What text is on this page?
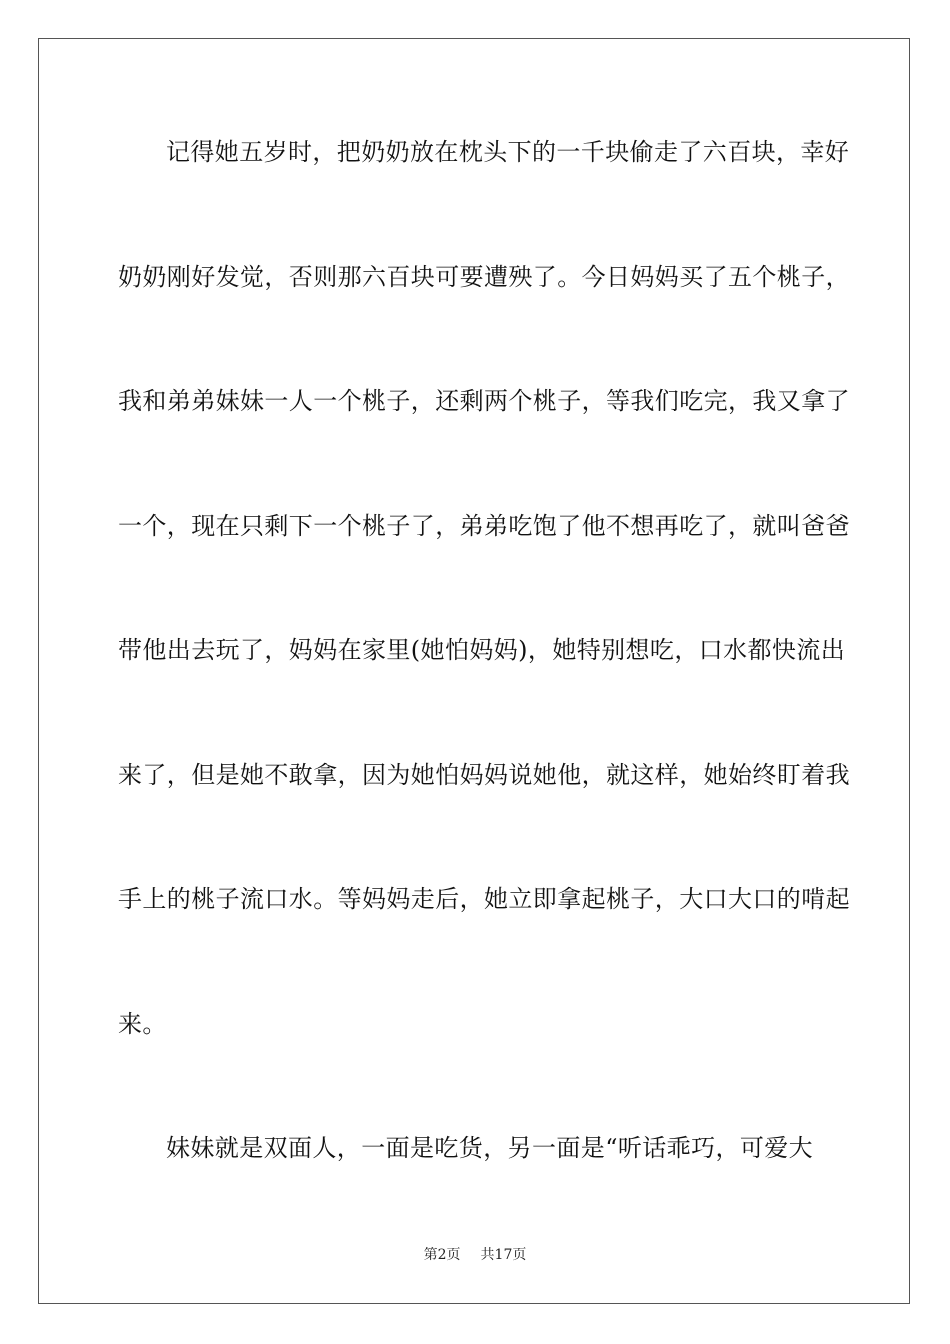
记得她五岁时，把奶奶放在枕头下的一千块偷走了六百块，幸好
奶奶刚好发觉，否则那六百块可要遭殃了。今日妈妈买了五个桃子，
我和弟弟妹妹一人一个桃子，还剩两个桃子，等我们吃完，我又拿了
一个，现在只剩下一个桃子了，弟弟吃饱了他不想再吃了，就叫爸爸
带他出去玩了，妈妈在家里(她怕妈妈)，她特别想吃，口水都快流出
来了，但是她不敢拿，因为她怕妈妈说她他，就这样，她始终盯着我
手上的桃子流口水。等妈妈走后，她立即拿起桃子，大口大口的啃起
来。
妹妹就是双面人，一面是吃货，另一面是“听话乖巧，可爱大
第2页 共17页
